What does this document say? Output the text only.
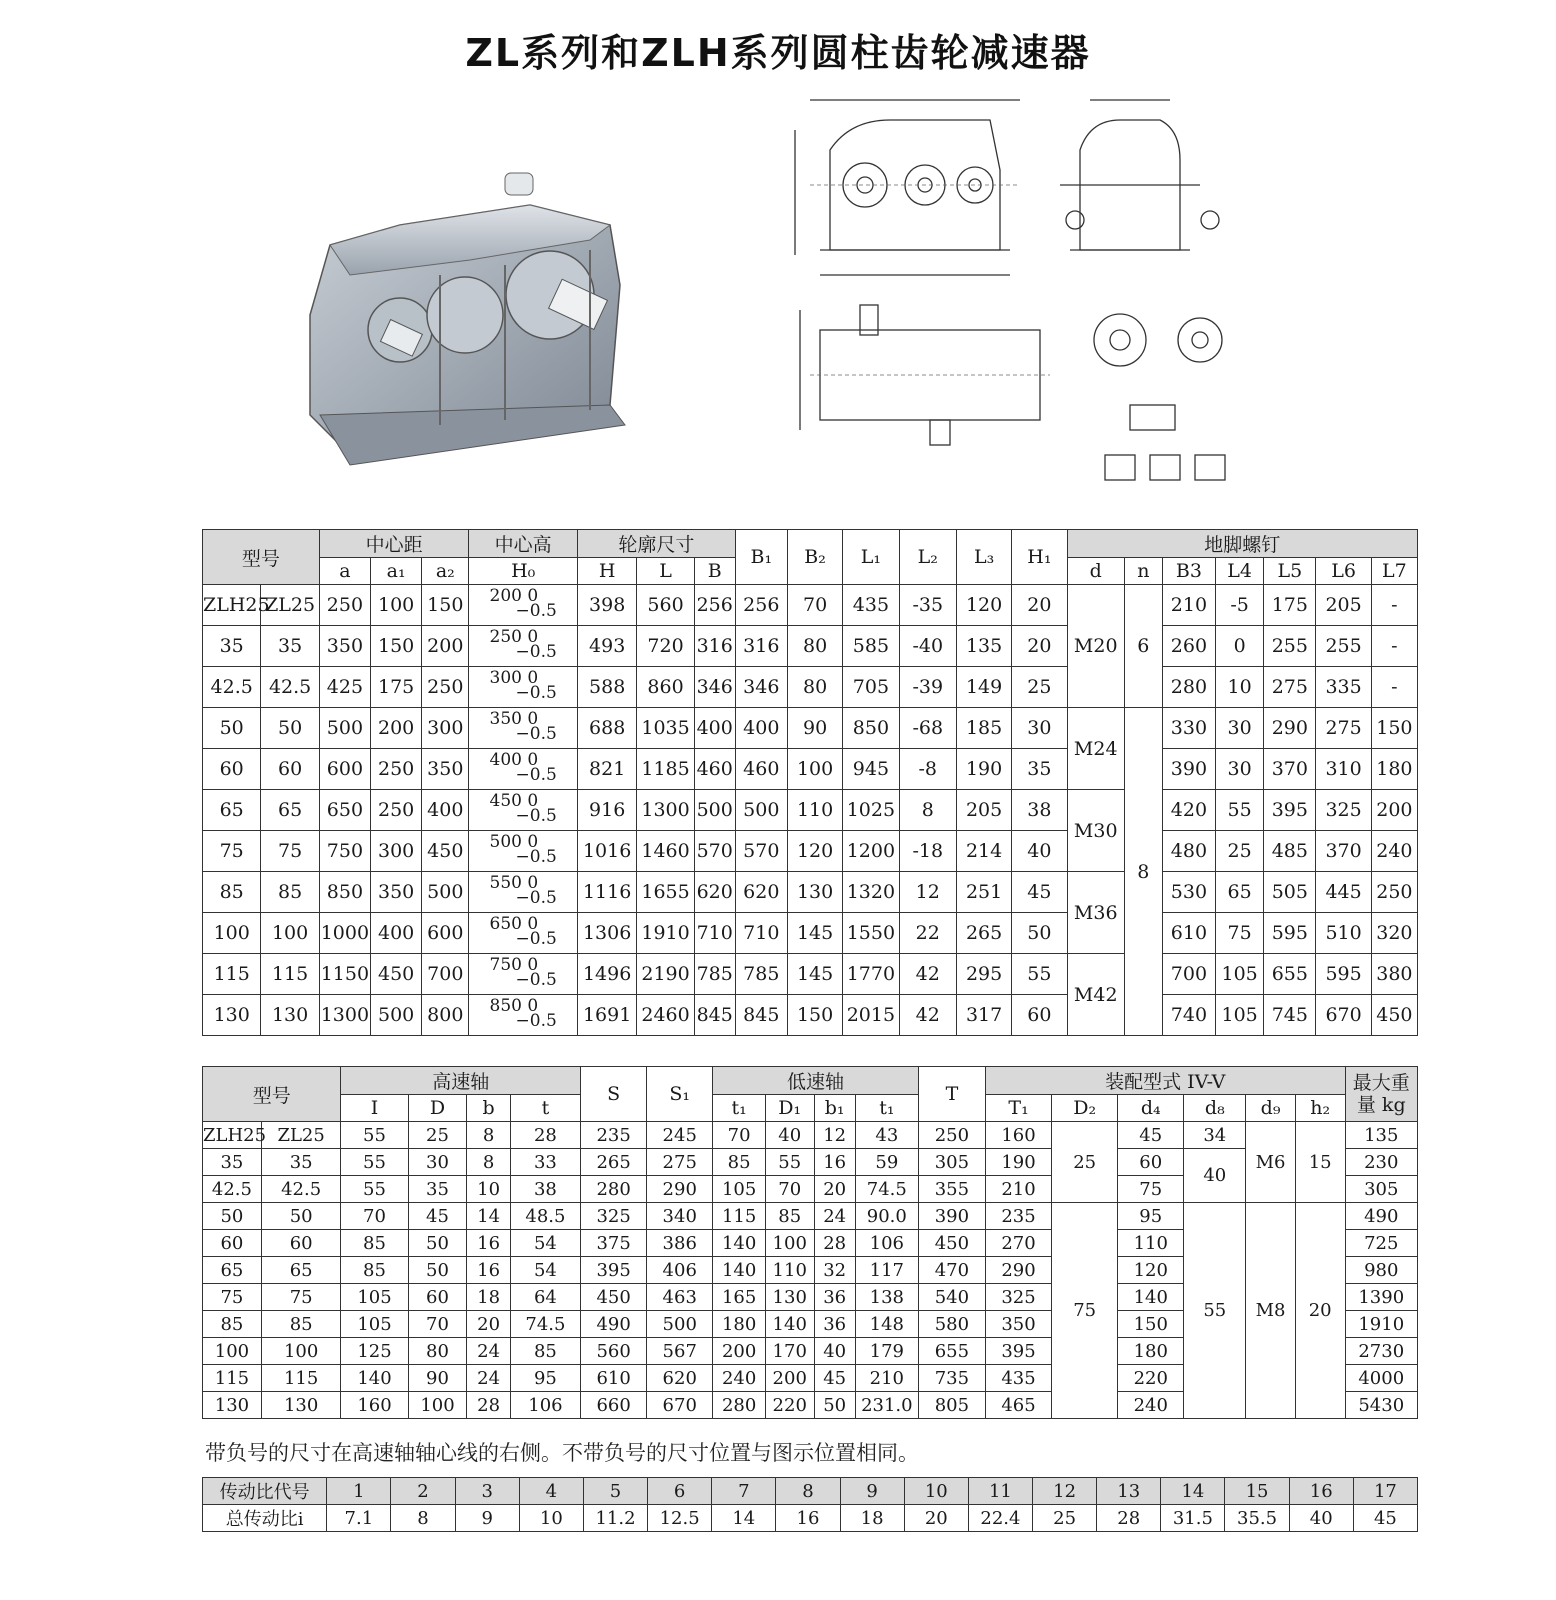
ZL系列和ZLH系列圆柱齿轮减速器
型号		中心距			中心高	轮廓尺寸			B₁	B₂	L₁	L₂	L₃	H₁	地脚螺钉						
		a	a₁	a₂	H₀	H	L	B							d	n	B3	L4	L5	L6	L7
ZLH25	ZL25	250	100	150	200 0
−0.5	398	560	256	256	70	435	-35	120	20	M20	6	210	-5	175	205	-
35	35	350	150	200	250 0
−0.5	493	720	316	316	80	585	-40	135	20			260	0	255	255	-
42.5	42.5	425	175	250	300 0
−0.5	588	860	346	346	80	705	-39	149	25			280	10	275	335	-
50	50	500	200	300	350 0
−0.5	688	1035	400	400	90	850	-68	185	30	M24	8	330	30	290	275	150
60	60	600	250	350	400 0
−0.5	821	1185	460	460	100	945	-8	190	35			390	30	370	310	180
65	65	650	250	400	450 0
−0.5	916	1300	500	500	110	1025	8	205	38	M30		420	55	395	325	200
75	75	750	300	450	500 0
−0.5	1016	1460	570	570	120	1200	-18	214	40			480	25	485	370	240
85	85	850	350	500	550 0
−0.5	1116	1655	620	620	130	1320	12	251	45	M36		530	65	505	445	250
100	100	1000	400	600	650 0
−0.5	1306	1910	710	710	145	1550	22	265	50			610	75	595	510	320
115	115	1150	450	700	750 0
−0.5	1496	2190	785	785	145	1770	42	295	55	M42		700	105	655	595	380
130	130	1300	500	800	850 0
−0.5	1691	2460	845	845	150	2015	42	317	60			740	105	745	670	450
型号		高速轴				S	S₁	低速轴				T	装配型式 IV-V						最大重量 kg
		I	D	b	t			t₁	D₁	b₁	t₁		T₁	D₂	d₄	d₈	d₉	h₂	
ZLH25	ZL25	55	25	8	28	235	245	70	40	12	43	250	160	25	45	34	M6	15	135
35	35	55	30	8	33	265	275	85	55	16	59	305	190		60	40			230
42.5	42.5	55	35	10	38	280	290	105	70	20	74.5	355	210		75				305
50	50	70	45	14	48.5	325	340	115	85	24	90.0	390	235	75	95	55	M8	20	490
60	60	85	50	16	54	375	386	140	100	28	106	450	270		110				725
65	65	85	50	16	54	395	406	140	110	32	117	470	290		120				980
75	75	105	60	18	64	450	463	165	130	36	138	540	325		140				1390
85	85	105	70	20	74.5	490	500	180	140	36	148	580	350		150				1910
100	100	125	80	24	85	560	567	200	170	40	179	655	395		180				2730
115	115	140	90	24	95	610	620	240	200	45	210	735	435		220				4000
130	130	160	100	28	106	660	670	280	220	50	231.0	805	465		240				5430
带负号的尺寸在高速轴轴心线的右侧。不带负号的尺寸位置与图示位置相同。
传动比代号	1	2	3	4	5	6	7	8	9	10	11	12	13	14	15	16	17
总传动比i	7.1	8	9	10	11.2	12.5	14	16	18	20	22.4	25	28	31.5	35.5	40	45
